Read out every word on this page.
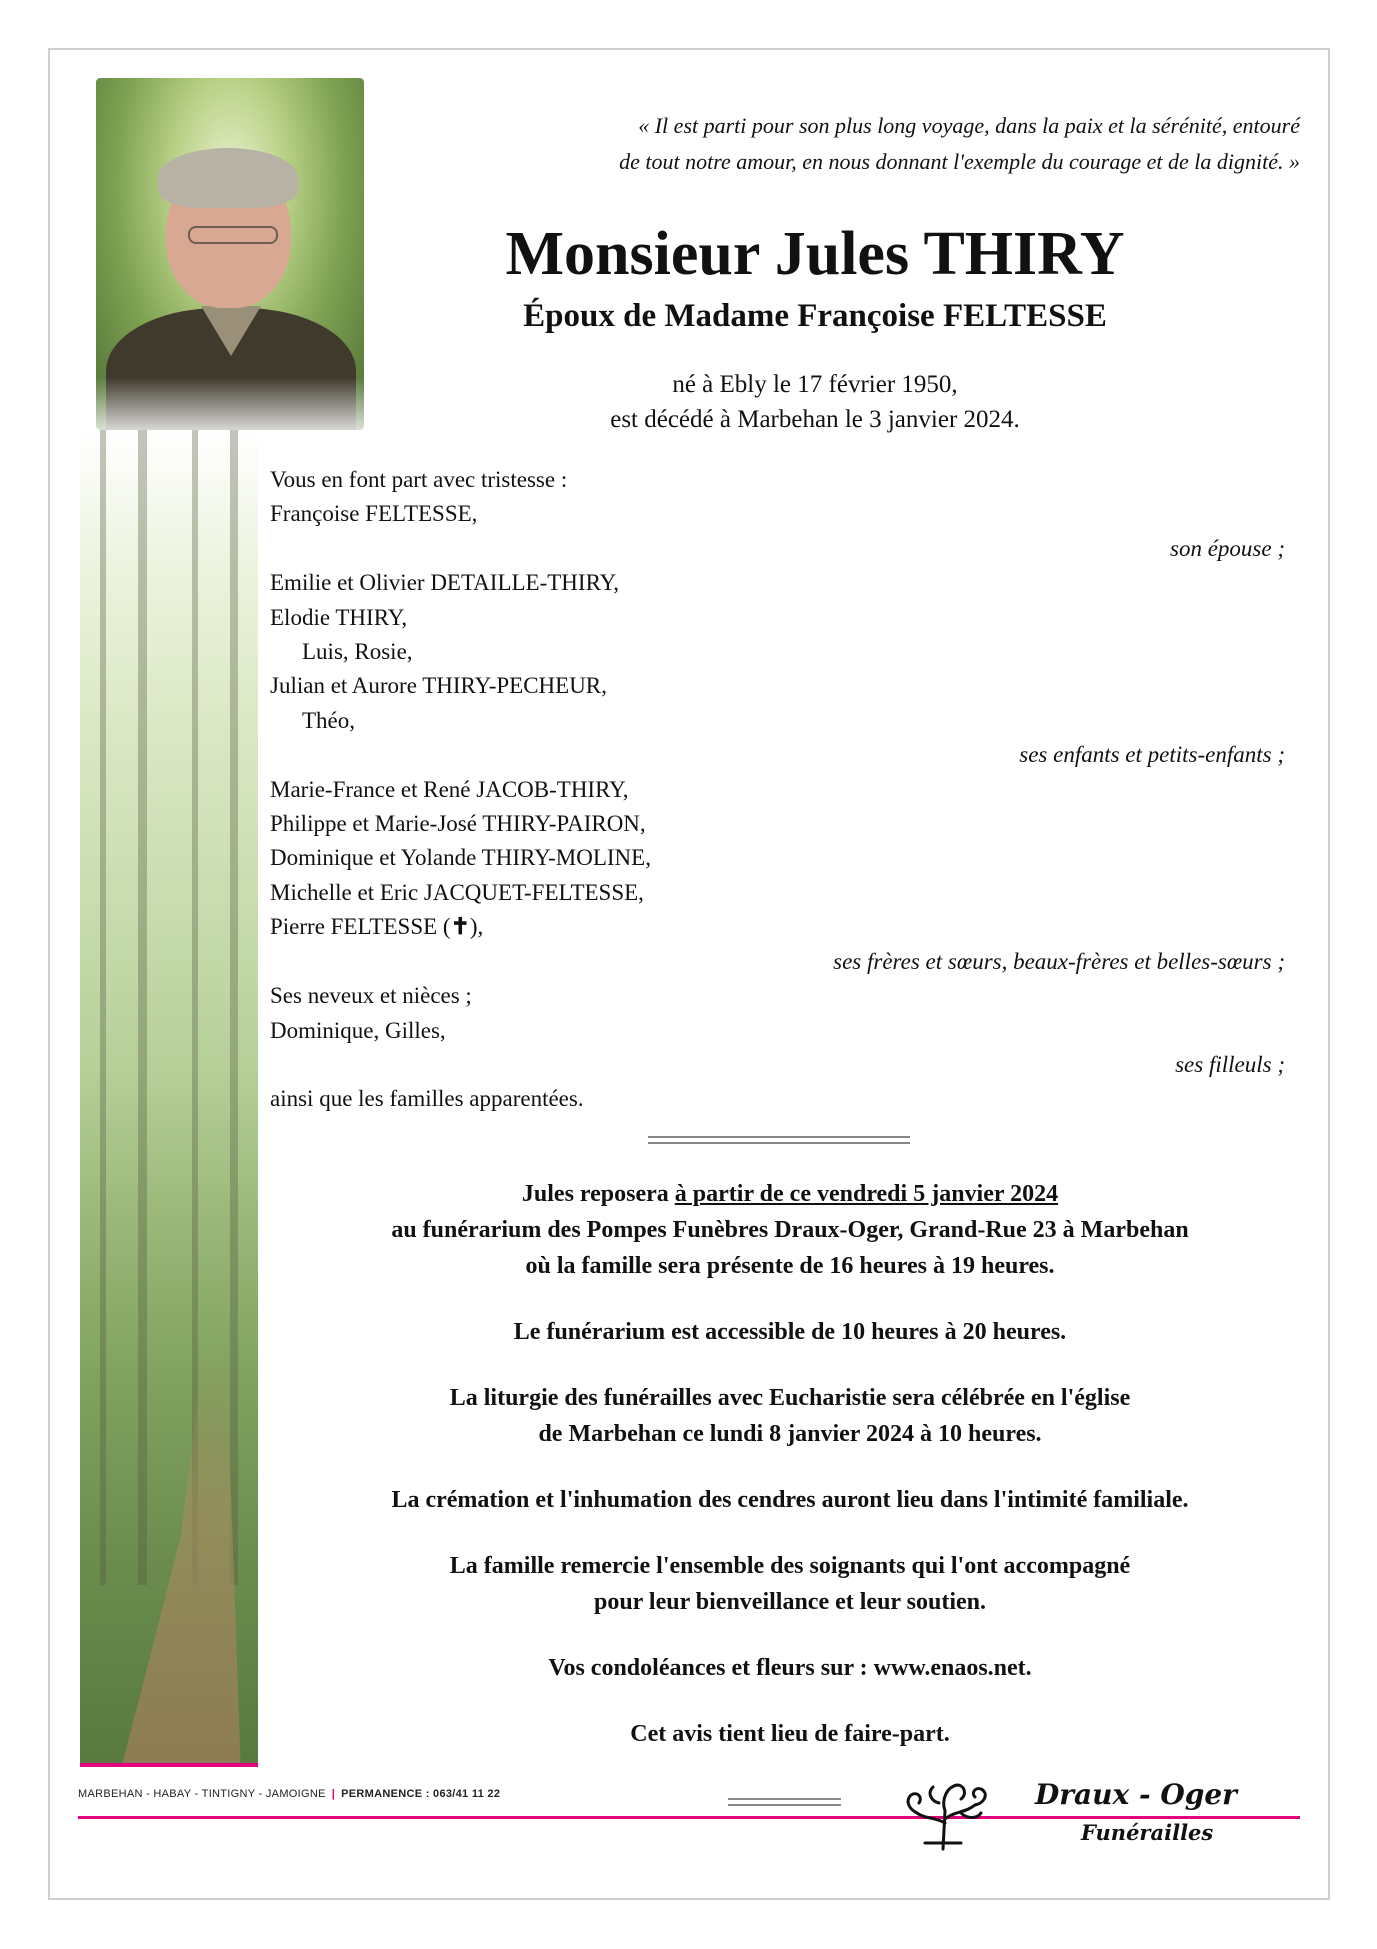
« Il est parti pour son plus long voyage, dans la paix et la sérénité, entouré
de tout notre amour, en nous donnant l'exemple du courage et de la dignité. »
Monsieur Jules THIRY
Époux de Madame Françoise FELTESSE
né à Ebly le 17 février 1950,
est décédé à Marbehan le 3 janvier 2024.
Vous en font part avec tristesse :
Françoise FELTESSE,
son épouse ;
Emilie et Olivier DETAILLE-THIRY,
Elodie THIRY,
Luis, Rosie,
Julian et Aurore THIRY-PECHEUR,
Théo,
ses enfants et petits-enfants ;
Marie-France et René JACOB-THIRY,
Philippe et Marie-José THIRY-PAIRON,
Dominique et Yolande THIRY-MOLINE,
Michelle et Eric JACQUET-FELTESSE,
Pierre FELTESSE (✝),
ses frères et sœurs, beaux-frères et belles-sœurs ;
Ses neveux et nièces ;
Dominique, Gilles,
ses filleuls ;
ainsi que les familles apparentées.

Jules reposera à partir de ce vendredi 5 janvier 2024
au funérarium des Pompes Funèbres Draux-Oger, Grand-Rue 23 à Marbehan
où la famille sera présente de 16 heures à 19 heures.

Le funérarium est accessible de 10 heures à 20 heures.

La liturgie des funérailles avec Eucharistie sera célébrée en l'église
de Marbehan ce lundi 8 janvier 2024 à 10 heures.

La crémation et l'inhumation des cendres auront lieu dans l'intimité familiale.

La famille remercie l'ensemble des soignants qui l'ont accompagné
pour leur bienveillance et leur soutien.

Vos condoléances et fleurs sur : www.enaos.net.

Cet avis tient lieu de faire-part.

MARBEHAN - HABAY - TINTIGNY - JAMOIGNE | PERMANENCE : 063/41 11 22	Draux - Oger
Funérailles
